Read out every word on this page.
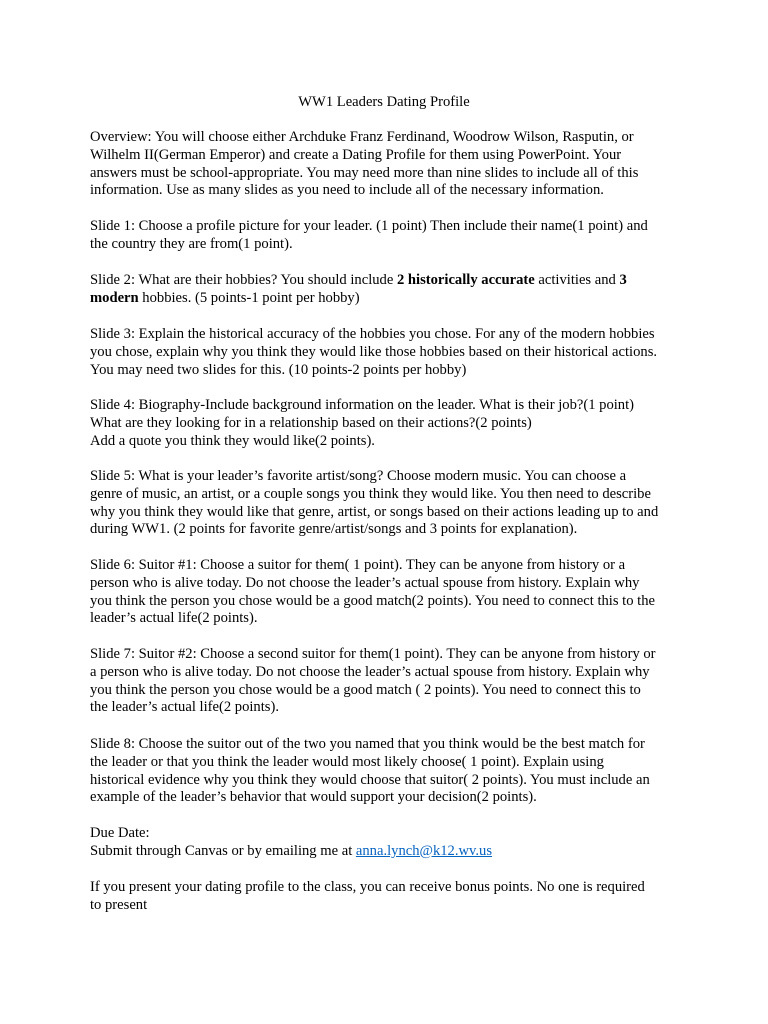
WW1 Leaders Dating Profile

Overview: You will choose either Archduke Franz Ferdinand, Woodrow Wilson, Rasputin, or
Wilhelm II(German Emperor) and create a Dating Profile for them using PowerPoint. Your
answers must be school-appropriate. You may need more than nine slides to include all of this
information. Use as many slides as you need to include all of the necessary information.

Slide 1: Choose a profile picture for your leader. (1 point) Then include their name(1 point) and
the country they are from(1 point).

Slide 2: What are their hobbies? You should include 2 historically accurate activities and 3
modern hobbies. (5 points-1 point per hobby)

Slide 3: Explain the historical accuracy of the hobbies you chose. For any of the modern hobbies
you chose, explain why you think they would like those hobbies based on their historical actions.
You may need two slides for this. (10 points-2 points per hobby)

Slide 4: Biography-Include background information on the leader. What is their job?(1 point)
What are they looking for in a relationship based on their actions?(2 points)
Add a quote you think they would like(2 points).

Slide 5: What is your leader’s favorite artist/song? Choose modern music. You can choose a
genre of music, an artist, or a couple songs you think they would like. You then need to describe
why you think they would like that genre, artist, or songs based on their actions leading up to and
during WW1. (2 points for favorite genre/artist/songs and 3 points for explanation).

Slide 6: Suitor #1: Choose a suitor for them( 1 point). They can be anyone from history or a
person who is alive today. Do not choose the leader’s actual spouse from history. Explain why
you think the person you chose would be a good match(2 points). You need to connect this to the
leader’s actual life(2 points).

Slide 7: Suitor #2: Choose a second suitor for them(1 point). They can be anyone from history or
a person who is alive today. Do not choose the leader’s actual spouse from history. Explain why
you think the person you chose would be a good match ( 2 points). You need to connect this to
the leader’s actual life(2 points).

Slide 8: Choose the suitor out of the two you named that you think would be the best match for
the leader or that you think the leader would most likely choose( 1 point). Explain using
historical evidence why you think they would choose that suitor( 2 points). You must include an
example of the leader’s behavior that would support your decision(2 points).

Due Date:
Submit through Canvas or by emailing me at anna.lynch@k12.wv.us

If you present your dating profile to the class, you can receive bonus points. No one is required
to present
